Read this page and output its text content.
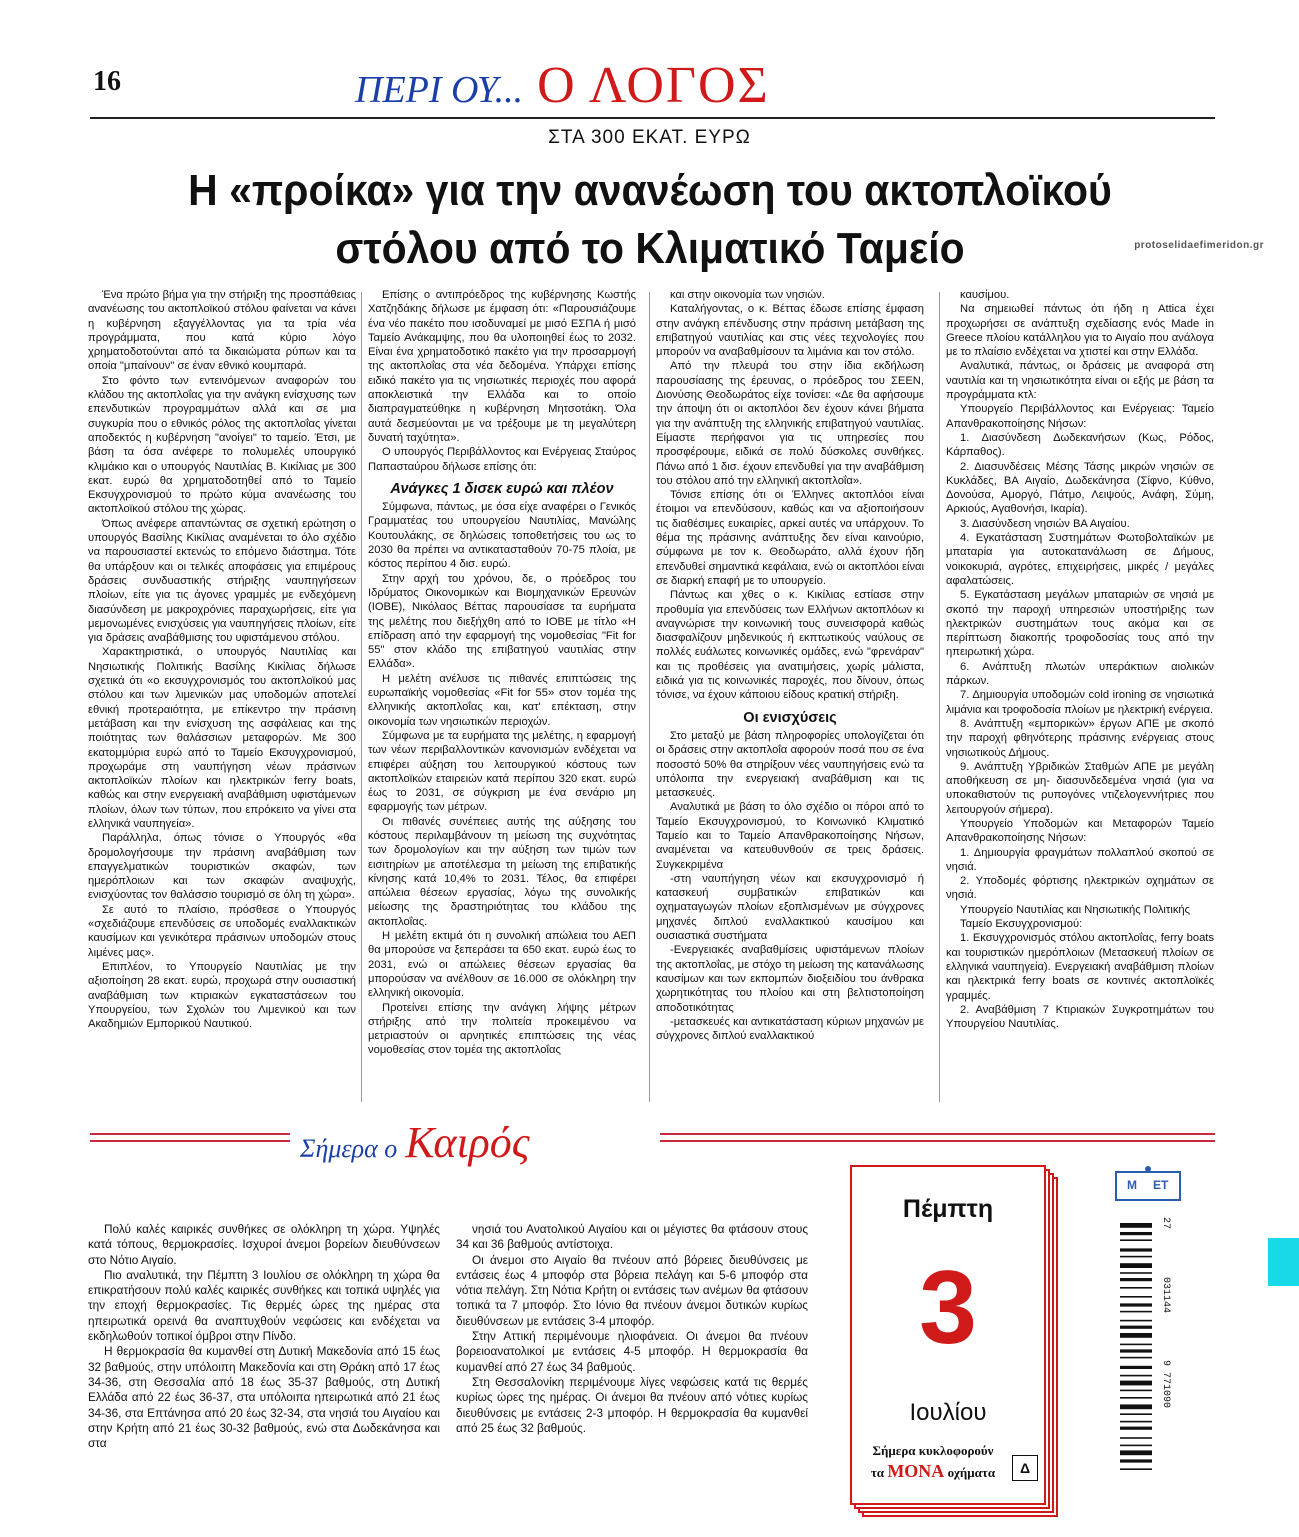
16	ΠΕΡΙ ΟΥ... Ο ΛΟΓΟΣ
ΣΤΑ 300 ΕΚΑΤ. ΕΥΡΩ
Η «προίκα» για την ανανέωση του ακτοπλοϊκού
στόλου από το Κλιματικό Ταμείο	protoselidaefimeridon.gr

Ένα πρώτο βήμα για την στήριξη της προσπάθειας ανανέωσης του ακτοπλοϊκού στόλου φαίνεται να κάνει η κυβέρνηση εξαγγέλλοντας για τα τρία νέα προγράμματα, που κατά κύριο λόγο χρηματοδοτούνται από τα δικαιώματα ρύπων και τα οποία "μπαίνουν" σε έναν εθνικό κουμπαρά.

Στο φόντο των εντεινόμενων αναφορών του κλάδου της ακτοπλοΐας για την ανάγκη ενίσχυσης των επενδυτικών προγραμμάτων αλλά και σε μια συγκυρία που ο εθνικός ρόλος της ακτοπλοΐας γίνεται αποδεκτός η κυβέρνηση "ανοίγει" το ταμείο. Έτσι, με βάση τα όσα ανέφερε το πολυμελές υπουργικό κλιμάκιο και ο υπουργός Ναυτιλίας Β. Κικίλιας με 300 εκατ. ευρώ θα χρηματοδοτηθεί από το Ταμείο Εκσυγχρονισμού το πρώτο κύμα ανανέωσης του ακτοπλοϊκού στόλου της χώρας.

Όπως ανέφερε απαντώντας σε σχετική ερώτηση ο υπουργός Βασίλης Κικίλιας αναμένεται το όλο σχέδιο να παρουσιαστεί εκτενώς το επόμενο διάστημα. Τότε θα υπάρξουν και οι τελικές αποφάσεις για επιμέρους δράσεις συνδυαστικής στήριξης ναυπηγήσεων πλοίων, είτε για τις άγονες γραμμές με ενδεχόμενη διασύνδεση με μακροχρόνιες παραχωρήσεις, είτε για μεμονωμένες ενισχύσεις για ναυπηγήσεις πλοίων, είτε για δράσεις αναβάθμισης του υφιστάμενου στόλου.

Χαρακτηριστικά, ο υπουργός Ναυτιλίας και Νησιωτικής Πολιτικής Βασίλης Κικίλιας δήλωσε σχετικά ότι «ο εκσυγχρονισμός του ακτοπλοϊκού μας στόλου και των λιμενικών μας υποδομών αποτελεί εθνική προτεραιότητα, με επίκεντρο την πράσινη μετάβαση και την ενίσχυση της ασφάλειας και της ποιότητας των θαλάσσιων μεταφορών. Με 300 εκατομμύρια ευρώ από το Ταμείο Εκσυγχρονισμού, προχωράμε στη ναυπήγηση νέων πράσινων ακτοπλοϊκών πλοίων και ηλεκτρικών ferry boats, καθώς και στην ενεργειακή αναβάθμιση υφιστάμενων πλοίων, όλων των τύπων, που επρόκειτο να γίνει στα ελληνικά ναυπηγεία».

Παράλληλα, όπως τόνισε ο Υπουργός «θα δρομολογήσουμε την πράσινη αναβάθμιση των επαγγελματικών τουριστικών σκαφών, των ημερόπλοιων και των σκαφών αναψυχής, ενισχύοντας τον θαλάσσιο τουρισμό σε όλη τη χώρα».

Σε αυτό το πλαίσιο, πρόσθεσε ο Υπουργός «σχεδιάζουμε επενδύσεις σε υποδομές εναλλακτικών καυσίμων και γενικότερα πράσινων υποδομών στους λιμένες μας».

Επιπλέον, το Υπουργείο Ναυτιλίας με την αξιοποίηση 28 εκατ. ευρώ, προχωρά στην ουσιαστική αναβάθμιση των κτιριακών εγκαταστάσεων του Υπουργείου, των Σχολών του Λιμενικού και των Ακαδημιών Εμπορικού Ναυτικού.

Επίσης ο αντιπρόεδρος της κυβέρνησης Κωστής Χατζηδάκης δήλωσε με έμφαση ότι: «Παρουσιάζουμε ένα νέο πακέτο που ισοδυναμεί με μισό ΕΣΠΑ ή μισό Ταμείο Ανάκαμψης, που θα υλοποιηθεί έως το 2032. Είναι ένα χρηματοδοτικό πακέτο για την προσαρμογή της ακτοπλοΐας στα νέα δεδομένα. Υπάρχει επίσης ειδικό πακέτο για τις νησιωτικές περιοχές που αφορά αποκλειστικά την Ελλάδα και το οποίο διαπραγματεύθηκε η κυβέρνηση Μητσοτάκη. Όλα αυτά δεσμεύονται με να τρέξουμε με τη μεγαλύτερη δυνατή ταχύτητα».

Ο υπουργός Περιβάλλοντος και Ενέργειας Σταύρος Παπασταύρου δήλωσε επίσης ότι:

Ανάγκες 1 δισεκ ευρώ και πλέον

Σύμφωνα, πάντως, με όσα είχε αναφέρει ο Γενικός Γραμματέας του υπουργείου Ναυτιλίας, Μανώλης Κουτουλάκης, σε δηλώσεις τοποθετήσεις του ως το 2030 θα πρέπει να αντικατασταθούν 70-75 πλοία, με κόστος περίπου 4 δισ. ευρώ.

Στην αρχή του χρόνου, δε, ο πρόεδρος του Ιδρύματος Οικονομικών και Βιομηχανικών Ερευνών (ΙΟΒΕ), Νικόλαος Βέττας παρουσίασε τα ευρήματα της μελέτης που διεξήχθη από το ΙΟΒΕ με τίτλο «Η επίδραση από την εφαρμογή της νομοθεσίας "Fit for 55" στον κλάδο της επιβατηγού ναυτιλίας στην Ελλάδα».

Η μελέτη ανέλυσε τις πιθανές επιπτώσεις της ευρωπαϊκής νομοθεσίας «Fit for 55» στον τομέα της ελληνικής ακτοπλοΐας και, κατ' επέκταση, στην οικονομία των νησιωτικών περιοχών.

Σύμφωνα με τα ευρήματα της μελέτης, η εφαρμογή των νέων περιβαλλοντικών κανονισμών ενδέχεται να επιφέρει αύξηση του λειτουργικού κόστους των ακτοπλοϊκών εταιρειών κατά περίπου 320 εκατ. ευρώ έως το 2031, σε σύγκριση με ένα σενάριο μη εφαρμογής των μέτρων.

Οι πιθανές συνέπειες αυτής της αύξησης του κόστους περιλαμβάνουν τη μείωση της συχνότητας των δρομολογίων και την αύξηση των τιμών των εισιτηρίων με αποτέλεσμα τη μείωση της επιβατικής κίνησης κατά 10,4% το 2031. Τέλος, θα επιφέρει απώλεια θέσεων εργασίας, λόγω της συνολικής μείωσης της δραστηριότητας του κλάδου της ακτοπλοΐας.

Η μελέτη εκτιμά ότι η συνολική απώλεια του ΑΕΠ θα μπορούσε να ξεπεράσει τα 650 εκατ. ευρώ έως το 2031, ενώ οι απώλειες θέσεων εργασίας θα μπορούσαν να ανέλθουν σε 16.000 σε ολόκληρη την ελληνική οικονομία.

Προτείνει επίσης την ανάγκη λήψης μέτρων στήριξης από την πολιτεία προκειμένου να μετριαστούν οι αρνητικές επιπτώσεις της νέας νομοθεσίας στον τομέα της ακτοπλοΐας

και στην οικονομία των νησιών.

Καταλήγοντας, ο κ. Βέττας έδωσε επίσης έμφαση στην ανάγκη επένδυσης στην πράσινη μετάβαση της επιβατηγού ναυτιλίας και στις νέες τεχνολογίες που μπορούν να αναβαθμίσουν τα λιμάνια και τον στόλο.

Από την πλευρά του στην ίδια εκδήλωση παρουσίασης της έρευνας, ο πρόεδρος του ΣΕΕΝ, Διονύσης Θεοδωράτος είχε τονίσει: «Δε θα αφήσουμε την άποψη ότι οι ακτοπλόοι δεν έχουν κάνει βήματα για την ανάπτυξη της ελληνικής επιβατηγού ναυτιλίας. Είμαστε περήφανοι για τις υπηρεσίες που προσφέρουμε, ειδικά σε πολύ δύσκολες συνθήκες. Πάνω από 1 δισ. έχουν επενδυθεί για την αναβάθμιση του στόλου από την ελληνική ακτοπλοΐα».

Τόνισε επίσης ότι οι Έλληνες ακτοπλόοι είναι έτοιμοι να επενδύσουν, καθώς και να αξιοποιήσουν τις διαθέσιμες ευκαιρίες, αρκεί αυτές να υπάρχουν. Το θέμα της πράσινης ανάπτυξης δεν είναι καινούριο, σύμφωνα με τον κ. Θεοδωράτο, αλλά έχουν ήδη επενδυθεί σημαντικά κεφάλαια, ενώ οι ακτοπλόοι είναι σε διαρκή επαφή με το υπουργείο.

Πάντως και χθες ο κ. Κικίλιας εστίασε στην προθυμία για επενδύσεις των Ελλήνων ακτοπλόων κι αναγνώρισε την κοινωνική τους συνεισφορά καθώς διασφαλίζουν μηδενικούς ή εκπτωτικούς ναύλους σε πολλές ευάλωτες κοινωνικές ομάδες, ενώ "φρενάραν" και τις προθέσεις για ανατιμήσεις, χωρίς μάλιστα, ειδικά για τις κοινωνικές παροχές, που δίνουν, όπως τόνισε, να έχουν κάποιου είδους κρατική στήριξη.

Οι ενισχύσεις

Στο μεταξύ με βάση πληροφορίες υπολογίζεται ότι οι δράσεις στην ακτοπλοΐα αφορούν ποσά που σε ένα ποσοστό 50% θα στηρίξουν νέες ναυπηγήσεις ενώ τα υπόλοιπα την ενεργειακή αναβάθμιση και τις μετασκευές.

Αναλυτικά με βάση το όλο σχέδιο οι πόροι από το Ταμείο Εκσυγχρονισμού, το Κοινωνικό Κλιματικό Ταμείο και το Ταμείο Απανθρακοποίησης Νήσων, αναμένεται να κατευθυνθούν σε τρεις δράσεις. Συγκεκριμένα

-στη ναυπήγηση νέων και εκσυγχρονισμό ή κατασκευή συμβατικών επιβατικών και οχηματαγωγών πλοίων εξοπλισμένων με σύγχρονες μηχανές διπλού εναλλακτικού καυσίμου και ουσιαστικά συστήματα

-Ενεργειακές αναβαθμίσεις υφιστάμενων πλοίων της ακτοπλοΐας, με στόχο τη μείωση της κατανάλωσης καυσίμων και των εκπομπών διοξειδίου του άνθρακα χωρητικότητας του πλοίου και στη βελτιστοποίηση αποδοτικότητας

-μετασκευές και αντικατάσταση κύριων μηχανών με σύγχρονες διπλού εναλλακτικού

καυσίμου.

Να σημειωθεί πάντως ότι ήδη η Attica έχει προχωρήσει σε ανάπτυξη σχεδίασης ενός Made in Greece πλοίου κατάλληλου για το Αιγαίο που ανάλογα με το πλαίσιο ενδέχεται να χτιστεί και στην Ελλάδα.

Αναλυτικά, πάντως, οι δράσεις με αναφορά στη ναυτιλία και τη νησιωτικότητα είναι οι εξής με βάση τα προγράμματα κτλ:

Υπουργείο Περιβάλλοντος και Ενέργειας: Ταμείο Απανθρακοποίησης Νήσων:

1. Διασύνδεση Δωδεκανήσων (Κως, Ρόδος, Κάρπαθος).

2. Διασυνδέσεις Μέσης Τάσης μικρών νησιών σε Κυκλάδες, ΒΑ Αιγαίο, Δωδεκάνησα (Σίφνο, Κύθνο, Δονούσα, Αμοργό, Πάτμο, Λειψούς, Ανάφη, Σύμη, Αρκιούς, Αγαθονήσι, Ικαρία).

3. Διασύνδεση νησιών ΒΑ Αιγαίου.

4. Εγκατάσταση Συστημάτων Φωτοβολταϊκών με μπαταρία για αυτοκατανάλωση σε Δήμους, νοικοκυριά, αγρότες, επιχειρήσεις, μικρές / μεγάλες αφαλατώσεις.

5. Εγκατάσταση μεγάλων μπαταριών σε νησιά με σκοπό την παροχή υπηρεσιών υποστήριξης των ηλεκτρικών συστημάτων τους ακόμα και σε περίπτωση διακοπής τροφοδοσίας τους από την ηπειρωτική χώρα.

6. Ανάπτυξη πλωτών υπεράκτιων αιολικών πάρκων.

7. Δημιουργία υποδομών cold ironing σε νησιωτικά λιμάνια και τροφοδοσία πλοίων με ηλεκτρική ενέργεια.

8. Ανάπτυξη «εμπορικών» έργων ΑΠΕ με σκοπό την παροχή φθηνότερης πράσινης ενέργειας στους νησιωτικούς Δήμους.

9. Ανάπτυξη Υβριδικών Σταθμών ΑΠΕ με μεγάλη αποθήκευση σε μη- διασυνδεδεμένα νησιά (για να υποκαθιστούν τις ρυπογόνες ντιζελογεννήτριες που λειτουργούν σήμερα).

Υπουργείο Υποδομών και Μεταφορών Ταμείο Απανθρακοποίησης Νήσων:

1. Δημιουργία φραγμάτων πολλαπλού σκοπού σε νησιά.

2. Υποδομές φόρτισης ηλεκτρικών οχημάτων σε νησιά.

Υπουργείο Ναυτιλίας και Νησιωτικής Πολιτικής

Ταμείο Εκσυγχρονισμού:

1. Εκσυγχρονισμός στόλου ακτοπλοΐας, ferry boats και τουριστικών ημερόπλοιων (Μετασκευή πλοίων σε ελληνικά ναυπηγεία). Ενεργειακή αναβάθμιση πλοίων και ηλεκτρικά ferry boats σε κοντινές ακτοπλοϊκές γραμμές.

2. Αναβάθμιση 7 Κτιριακών Συγκροτημάτων του Υπουργείου Ναυτιλίας.

Σήμερα ο Καιρός

Πολύ καλές καιρικές συνθήκες σε ολόκληρη τη χώρα. Υψηλές κατά τόπους, θερμοκρασίες. Ισχυροί άνεμοι βορείων διευθύνσεων στο Νότιο Αιγαίο.

Πιο αναλυτικά, την Πέμπτη 3 Ιουλίου σε ολόκληρη τη χώρα θα επικρατήσουν πολύ καλές καιρικές συνθήκες και τοπικά υψηλές για την εποχή θερμοκρασίες. Τις θερμές ώρες της ημέρας στα ηπειρωτικά ορεινά θα αναπτυχθούν νεφώσεις και ενδέχεται να εκδηλωθούν τοπικοί όμβροι στην Πίνδο.

Η θερμοκρασία θα κυμανθεί στη Δυτική Μακεδονία από 15 έως 32 βαθμούς, στην υπόλοιπη Μακεδονία και στη Θράκη από 17 έως 34-36, στη Θεσσαλία από 18 έως 35-37 βαθμούς, στη Δυτική Ελλάδα από 22 έως 36-37, στα υπόλοιπα ηπειρωτικά από 21 έως 34-36, στα Επτάνησα από 20 έως 32-34, στα νησιά του Αιγαίου και στην Κρήτη από 21 έως 30-32 βαθμούς, ενώ στα Δωδεκάνησα και στα

νησιά του Ανατολικού Αιγαίου και οι μέγιστες θα φτάσουν στους 34 και 36 βαθμούς αντίστοιχα.

Οι άνεμοι στο Αιγαίο θα πνέουν από βόρειες διευθύνσεις με εντάσεις έως 4 μποφόρ στα βόρεια πελάγη και 5-6 μποφόρ στα νότια πελάγη. Στη Νότια Κρήτη οι εντάσεις των ανέμων θα φτάσουν τοπικά τα 7 μποφόρ. Στο Ιόνιο θα πνέουν άνεμοι δυτικών κυρίως διευθύνσεων με εντάσεις 3-4 μποφόρ.

Στην Αττική περιμένουμε ηλιοφάνεια. Οι άνεμοι θα πνέουν βορειοανατολικοί με εντάσεις 4-5 μποφόρ. Η θερμοκρασία θα κυμανθεί από 27 έως 34 βαθμούς.

Στη Θεσσαλονίκη περιμένουμε λίγες νεφώσεις κατά τις θερμές κυρίως ώρες της ημέρας. Οι άνεμοι θα πνέουν από νότιες κυρίως διευθύνσεις με εντάσεις 2-3 μποφόρ. Η θερμοκρασία θα κυμανθεί από 25 έως 32 βαθμούς.

Πέμπτη
3
Ιουλίου
Σήμερα κυκλοφορούν
τα ΜΟΝΑ οχήματα	Δ
Μ ΕΤ
27
031144
9 771090
